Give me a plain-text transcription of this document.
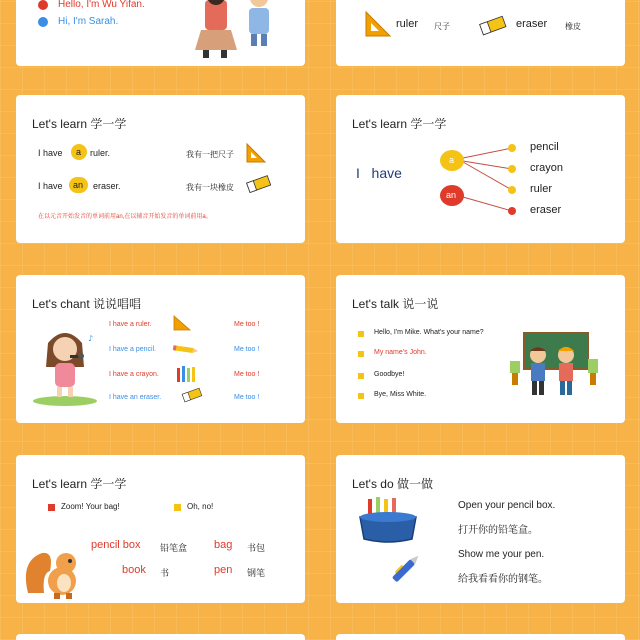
Hello, I'm Wu Yifan.
Hi, I'm Sarah.	ruler 尺子	eraser 橡皮
Let's learn 学一学
I have a ruler.	我有一把尺子
I have an eraser.	我有一块橡皮
在以元音开始发音的单词前用an,在以辅音开始发音的单词前用a。
Let's learn 学一学
I   have
a
an
pencil
crayon
ruler
eraser
Let's chant 说说唱唱
♪
I have a ruler.	Me too !
I have a pencil.	Me too !
I have a crayon.	Me too !
I have an eraser.	Me too !
Let's talk 说一说
Hello, I'm Mike. What's your name?
My name's John.
Goodbye!
Bye, Miss White.
Let's learn 学一学
Zoom! Your bag!	Oh, no!
pencil box 铅笔盒 bag 书包
book 书	pen 钢笔
Let's do 做一做
Open your pencil box.
打开你的铅笔盒。
Show me your pen.
给我看看你的钢笔。
